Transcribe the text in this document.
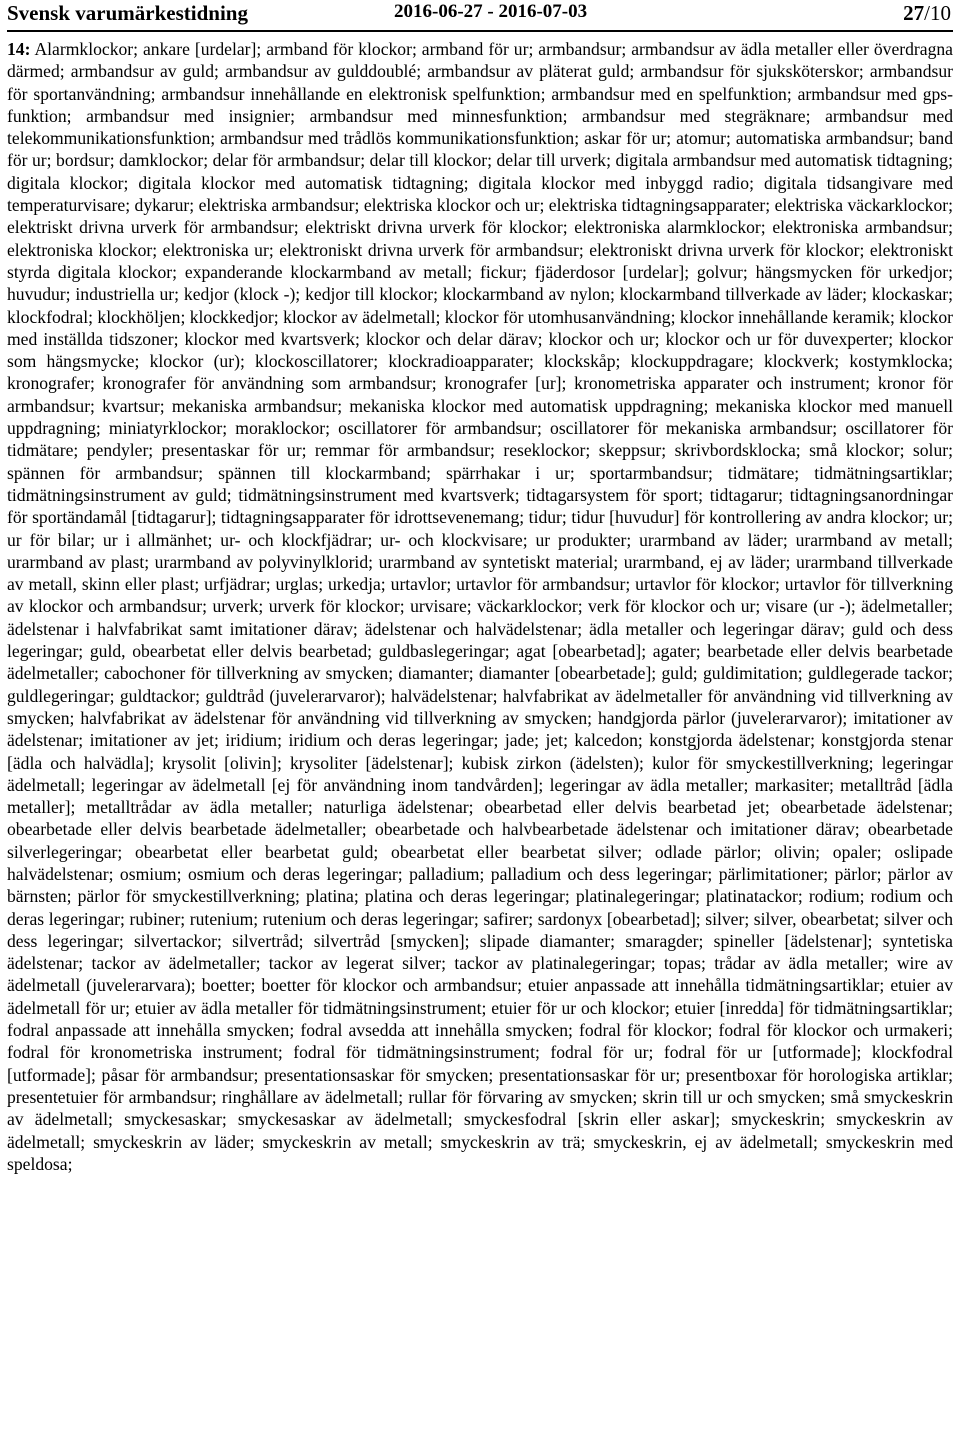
Svensk varumärkestidning	2016-06-27 - 2016-07-03	27/10
14: Alarmklockor; ankare [urdelar]; armband för klockor; armband för ur; armbandsur; armbandsur av ädla metaller eller överdragna därmed; armbandsur av guld; armbandsur av gulddoublé; armbandsur av pläterat guld; armbandsur för sjuksköterskor; armbandsur för sportanvändning; armbandsur innehållande en elektronisk spelfunktion; armbandsur med en spelfunktion; armbandsur med gps-funktion; armbandsur med insignier; armbandsur med minnesfunktion; armbandsur med stegräknare; armbandsur med telekommunikationsfunktion; armbandsur med trådlös kommunikationsfunktion; askar för ur; atomur; automatiska armbandsur; band för ur; bordsur; damklockor; delar för armbandsur; delar till klockor; delar till urverk; digitala armbandsur med automatisk tidtagning; digitala klockor; digitala klockor med automatisk tidtagning; digitala klockor med inbyggd radio; digitala tidsangivare med temperaturvisare; dykarur; elektriska armbandsur; elektriska klockor och ur; elektriska tidtagningsapparater; elektriska väckarklockor; elektriskt drivna urverk för armbandsur; elektriskt drivna urverk för klockor; elektroniska alarmklockor; elektroniska armbandsur; elektroniska klockor; elektroniska ur; elektroniskt drivna urverk för armbandsur; elektroniskt drivna urverk för klockor; elektroniskt styrda digitala klockor; expanderande klockarmband av metall; fickur; fjäderdosor [urdelar]; golvur; hängsmycken för urkedjor; huvudur; industriella ur; kedjor (klock -); kedjor till klockor; klockarmband av nylon; klockarmband tillverkade av läder; klockaskar; klockfodral; klockhöljen; klockkedjor; klockor av ädelmetall; klockor för utomhusanvändning; klockor innehållande keramik; klockor med inställda tidszoner; klockor med kvartsverk; klockor och delar därav; klockor och ur; klockor och ur för duvexperter; klockor som hängsmycke; klockor (ur); klockoscillatorer; klockradioapparater; klockskåp; klockuppdragare; klockverk; kostymklocka; kronografer; kronografer för användning som armbandsur; kronografer [ur]; kronometriska apparater och instrument; kronor för armbandsur; kvartsur; mekaniska armbandsur; mekaniska klockor med automatisk uppdragning; mekaniska klockor med manuell uppdragning; miniatyrklockor; moraklockor; oscillatorer för armbandsur; oscillatorer för mekaniska armbandsur; oscillatorer för tidmätare; pendyler; presentaskar för ur; remmar för armbandsur; reseklockor; skeppsur; skrivbordsklocka; små klockor; solur; spännen för armbandsur; spännen till klockarmband; spärrhakar i ur; sportarmbandsur; tidmätare; tidmätningsartiklar; tidmätningsinstrument av guld; tidmätningsinstrument med kvartsverk; tidtagarsystem för sport; tidtagarur; tidtagningsanordningar för sportändamål [tidtagarur]; tidtagningsapparater för idrottsevenemang; tidur; tidur [huvudur] för kontrollering av andra klockor; ur; ur för bilar; ur i allmänhet; ur- och klockfjädrar; ur- och klockvisare; ur produkter; urarmband av läder; urarmband av metall; urarmband av plast; urarmband av polyvinylklorid; urarmband av syntetiskt material; urarmband, ej av läder; urarmband tillverkade av metall, skinn eller plast; urfjädrar; urglas; urkedja; urtavlor; urtavlor för armbandsur; urtavlor för klockor; urtavlor för tillverkning av klockor och armbandsur; urverk; urverk för klockor; urvisare; väckarklockor; verk för klockor och ur; visare (ur -); ädelmetaller; ädelstenar i halvfabrikat samt imitationer därav; ädelstenar och halvädelstenar; ädla metaller och legeringar därav; guld och dess legeringar; guld, obearbetat eller delvis bearbetad; guldbaslegeringar; agat [obearbetad]; agater; bearbetade eller delvis bearbetade ädelmetaller; cabochoner för tillverkning av smycken; diamanter; diamanter [obearbetade]; guld; guldimitation; guldlegerade tackor; guldlegeringar; guldtackor; guldtråd (juvelerarvaror); halvädelstenar; halvfabrikat av ädelmetaller för användning vid tillverkning av smycken; halvfabrikat av ädelstenar för användning vid tillverkning av smycken; handgjorda pärlor (juvelerarvaror); imitationer av ädelstenar; imitationer av jet; iridium; iridium och deras legeringar; jade; jet; kalcedon; konstgjorda ädelstenar; konstgjorda stenar [ädla och halvädla]; krysolit [olivin]; krysoliter [ädelstenar]; kubisk zirkon (ädelsten); kulor för smyckestillverkning; legeringar ädelmetall; legeringar av ädelmetall [ej för användning inom tandvården]; legeringar av ädla metaller; markasiter; metalltråd [ädla metaller]; metalltrådar av ädla metaller; naturliga ädelstenar; obearbetad eller delvis bearbetad jet; obearbetade ädelstenar; obearbetade eller delvis bearbetade ädelmetaller; obearbetade och halvbearbetade ädelstenar och imitationer därav; obearbetade silverlegeringar; obearbetat eller bearbetat guld; obearbetat eller bearbetat silver; odlade pärlor; olivin; opaler; oslipade halvädelstenar; osmium; osmium och deras legeringar; palladium; palladium och dess legeringar; pärlimitationer; pärlor; pärlor av bärnsten; pärlor för smyckestillverkning; platina; platina och deras legeringar; platinalegeringar; platinatackor; rodium; rodium och deras legeringar; rubiner; rutenium; rutenium och deras legeringar; safirer; sardonyx [obearbetad]; silver; silver, obearbetat; silver och dess legeringar; silvertackor; silvertråd; silvertråd [smycken]; slipade diamanter; smaragder; spineller [ädelstenar]; syntetiska ädelstenar; tackor av ädelmetaller; tackor av legerat silver; tackor av platinalegeringar; topas; trådar av ädla metaller; wire av ädelmetall (juvelerarvara); boetter; boetter för klockor och armbandsur; etuier anpassade att innehålla tidmätningsartiklar; etuier av ädelmetall för ur; etuier av ädla metaller för tidmätningsinstrument; etuier för ur och klockor; etuier [inredda] för tidmätningsartiklar; fodral anpassade att innehålla smycken; fodral avsedda att innehålla smycken; fodral för klockor; fodral för klockor och urmakeri; fodral för kronometriska instrument; fodral för tidmätningsinstrument; fodral för ur; fodral för ur [utformade]; klockfodral [utformade]; påsar för armbandsur; presentationsaskar för smycken; presentationsaskar för ur; presentboxar för horologiska artiklar; presentetuier för armbandsur; ringhållare av ädelmetall; rullar för förvaring av smycken; skrin till ur och smycken; små smyckeskrin av ädelmetall; smyckesaskar; smyckesaskar av ädelmetall; smyckesfodral [skrin eller askar]; smyckeskrin; smyckeskrin av ädelmetall; smyckeskrin av läder; smyckeskrin av metall; smyckeskrin av trä; smyckeskrin, ej av ädelmetall; smyckeskrin med speldosa;
